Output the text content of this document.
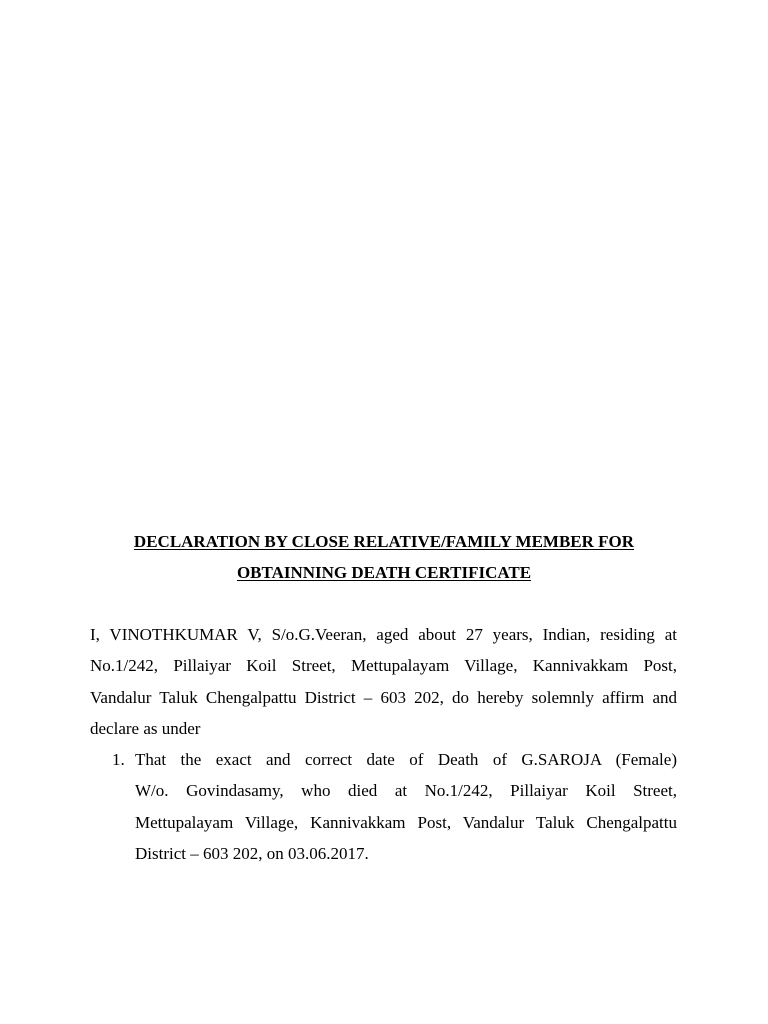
DECLARATION BY CLOSE RELATIVE/FAMILY MEMBER FOR
OBTAINNING DEATH CERTIFICATE
I, VINOTHKUMAR V, S/o.G.Veeran, aged about 27 years, Indian, residing at
No.1/242, Pillaiyar Koil Street, Mettupalayam Village, Kannivakkam Post,
Vandalur Taluk Chengalpattu District – 603 202, do hereby solemnly affirm and
declare as under
1. That the exact and correct date of Death of G.SAROJA (Female)
W/o. Govindasamy, who died at No.1/242, Pillaiyar Koil Street,
Mettupalayam Village, Kannivakkam Post, Vandalur Taluk Chengalpattu
District – 603 202, on 03.06.2017.
